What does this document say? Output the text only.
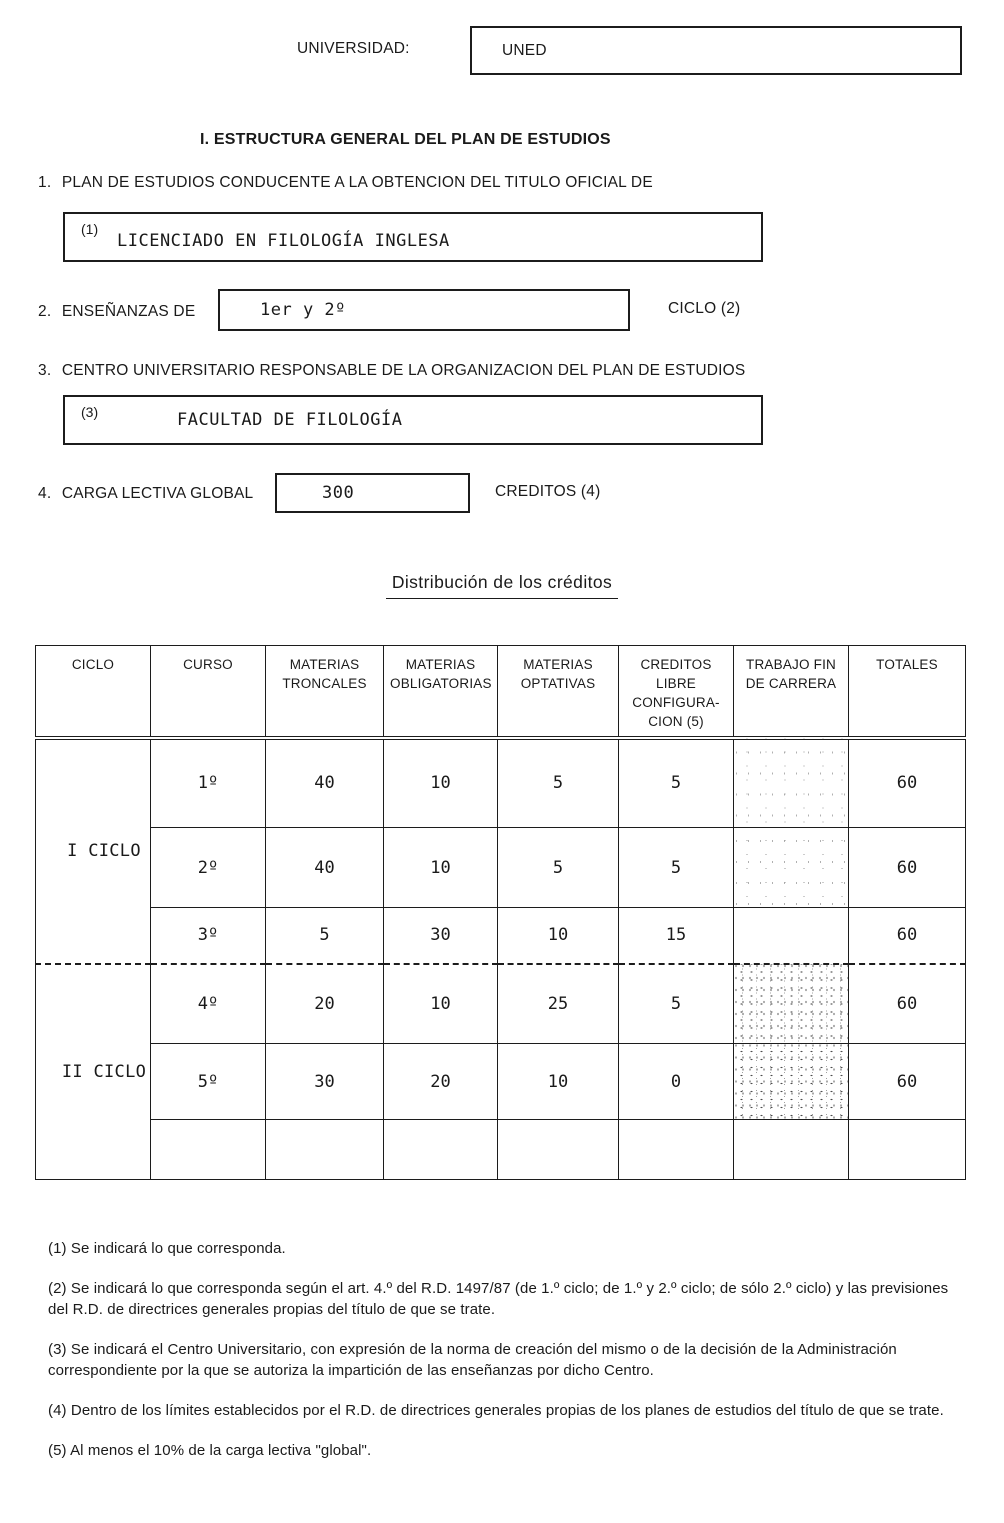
UNIVERSIDAD:	UNED
I. ESTRUCTURA GENERAL DEL PLAN DE ESTUDIOS
1. PLAN DE ESTUDIOS CONDUCENTE A LA OBTENCION DEL TITULO OFICIAL DE
(1)
LICENCIADO EN FILOLOGÍA INGLESA
2. ENSEÑANZAS DE	1er y 2º	CICLO (2)
3. CENTRO UNIVERSITARIO RESPONSABLE DE LA ORGANIZACION DEL PLAN DE ESTUDIOS
(3)	FACULTAD DE FILOLOGÍA
4. CARGA LECTIVA GLOBAL	300	CREDITOS (4)
Distribución de los créditos
CICLO	CURSO	MATERIAS TRONCALES	MATERIAS OBLIGATORIAS	MATERIAS OPTATIVAS	CREDITOS LIBRE CONFIGURA-CION (5)	TRABAJO FIN DE CARRERA	TOTALES
I CICLO	1º	40	10	5	5		60
	2º	40	10	5	5		60
	3º	5	30	10	15		60
II CICLO	4º	20	10	25	5		60
	5º	30	20	10	0		60

(1) Se indicará lo que corresponda.

(2) Se indicará lo que corresponda según el art. 4.º del R.D. 1497/87 (de 1.º ciclo; de 1.º y 2.º ciclo; de sólo 2.º ciclo) y las previsiones del R.D. de directrices generales propias del título de que se trate.

(3) Se indicará el Centro Universitario, con expresión de la norma de creación del mismo o de la decisión de la Administración correspondiente por la que se autoriza la impartición de las enseñanzas por dicho Centro.

(4) Dentro de los límites establecidos por el R.D. de directrices generales propias de los planes de estudios del título de que se trate.

(5) Al menos el 10% de la carga lectiva "global".
